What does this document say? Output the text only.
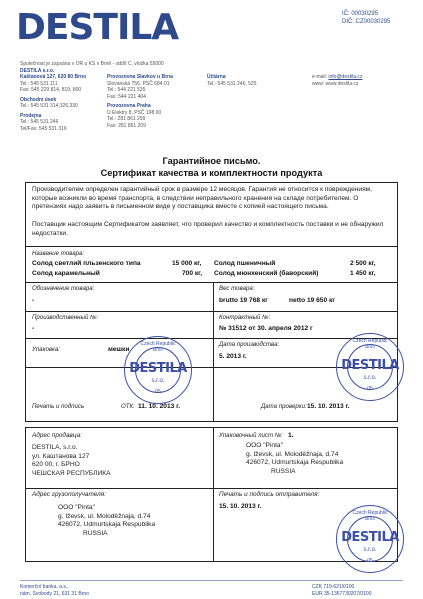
DESTILA	IČ: 00030295
DIČ: CZ00030295
Společnost je zapsána v OR u KS v Brně - oddíl C, vložka 55000
DESTILA s.r.o.
Kaštanová 127, 620 80 Brno
Tel.: 545 531 111
Fax: 545 229 814, 819, 800
Obchodní úsek
Tel.: 545 531 314,326,330
Prodejna
Tel.: 545 531 246
Tel/Fax: 545 531 316
Provozovna Slavkov u Brna
Slovanská 756, PSČ 684 01
Tel.: 544 221 535
Fax: 544 221 404
Provozovna Praha
U Elektry 8, PSČ 198 00
Tel.: 281 861 299
Fax: 281 861 209
Účtárna
Tel.: 545 531 246, 525
e-mail: info@destila.cz
www: www.destila.cz
Гарантийное письмо.
Сертификат качества и комплектности продукта
Производителем определен гарантийный срок в размере 12 месяцов. Гарантия не относится к повреждениям, которые возникли во время транспорта, в следствии неправильного хранения на складе потребителем. О претензиях надо заявить в письменном виде у поставщика вместе с копией настоящего письма.
Поставщик настоящим Сертификатом заявляет, что проверил качество и комплектность поставки и не обнаружил недостатки.
Название товара:
Солод светлий пльзенского типа	15 000 кг, Солод пшеничный	2 500 кг,
Солод карамельный	700 кг, Солод мюнхенский (баворский)	1 450 кг,
Обозначение товара:
-
Вес товара:
brutto 19 768 кг	netto 19 650 кг
Производственный №:
-
Контрактный №:
№ 31512 от 30. апреля 2012 г
Упаковка:	мешки
Дата производства:
5. 2013 г.
Печать и подпись	ОТК: 11. 10. 2013 г.	Дата проверки: 15. 10. 2013 г.
Адрес продавца:
DESTILA, s.r.o.
ул. Каштанова 127
620 00, г. БРНО
ЧЕШСКАЯ РЕСПУБЛИКА
Упаковочный лист №: 1.
OOO "Pinta"
g. Iževsk, ul. Moloděžnaja, d.74
426072, Udmurtskaja Respublika
RUSSIA
Адрес грузополучателя:
OOO "Pinta"
g. Iževsk, ul. Moloděžnaja, d.74
426072, Udmurtskaja Respublika
RUSSIA
Печать и подпись отправителя:
15. 10. 2013 г.
Czech Republic
Brno
DESTILA
s.r.o.
-05-
Czech Republic
Brno
DESTILA
s.r.o.
-05-
Czech Republic
Brno
DESTILA
s.r.o.
-05-
Komerční banka, a.s.,
nám. Svobody 21, 631 31 Brno
CZK 719-621/0100
EUR 35-1367730207/0100
